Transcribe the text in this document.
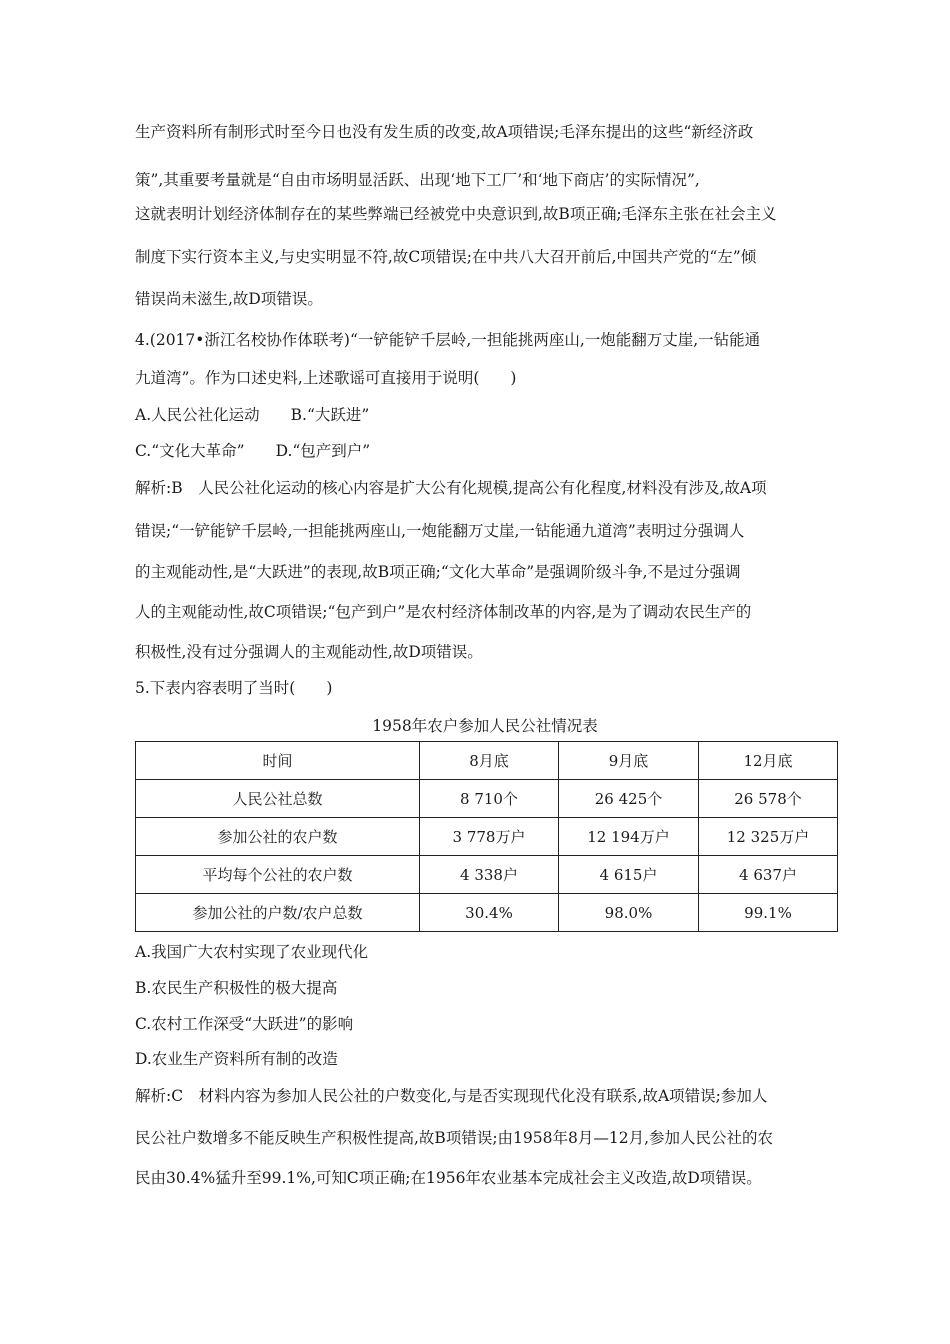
生产资料所有制形式时至今日也没有发生质的改变,故A项错误;毛泽东提出的这些“新经济政
策”,其重要考量就是“自由市场明显活跃、出现‘地下工厂’和‘地下商店’的实际情况”,
这就表明计划经济体制存在的某些弊端已经被党中央意识到,故B项正确;毛泽东主张在社会主义
制度下实行资本主义,与史实明显不符,故C项错误;在中共八大召开前后,中国共产党的“左”倾
错误尚未滋生,故D项错误。
4.(2017•浙江名校协作体联考)“一铲能铲千层岭,一担能挑两座山,一炮能翻万丈崖,一钻能通
九道湾”。作为口述史料,上述歌谣可直接用于说明(　　)
A.人民公社化运动　　B.“大跃进”
C.“文化大革命”　　D.“包产到户”
解析:B　人民公社化运动的核心内容是扩大公有化规模,提高公有化程度,材料没有涉及,故A项
错误;“一铲能铲千层岭,一担能挑两座山,一炮能翻万丈崖,一钻能通九道湾”表明过分强调人
的主观能动性,是“大跃进”的表现,故B项正确;“文化大革命”是强调阶级斗争,不是过分强调
人的主观能动性,故C项错误;“包产到户”是农村经济体制改革的内容,是为了调动农民生产的
积极性,没有过分强调人的主观能动性,故D项错误。
5.下表内容表明了当时(　　)
1958年农户参加人民公社情况表
时间	8月底	9月底	12月底
人民公社总数	8 710个	26 425个	26 578个
参加公社的农户数	3 778万户	12 194万户	12 325万户
平均每个公社的农户数	4 338户	4 615户	4 637户
参加公社的户数/农户总数	30.4%	98.0%	99.1%
A.我国广大农村实现了农业现代化
B.农民生产积极性的极大提高
C.农村工作深受“大跃进”的影响
D.农业生产资料所有制的改造
解析:C　材料内容为参加人民公社的户数变化,与是否实现现代化没有联系,故A项错误;参加人
民公社户数增多不能反映生产积极性提高,故B项错误;由1958年8月—12月,参加人民公社的农
民由30.4%猛升至99.1%,可知C项正确;在1956年农业基本完成社会主义改造,故D项错误。
